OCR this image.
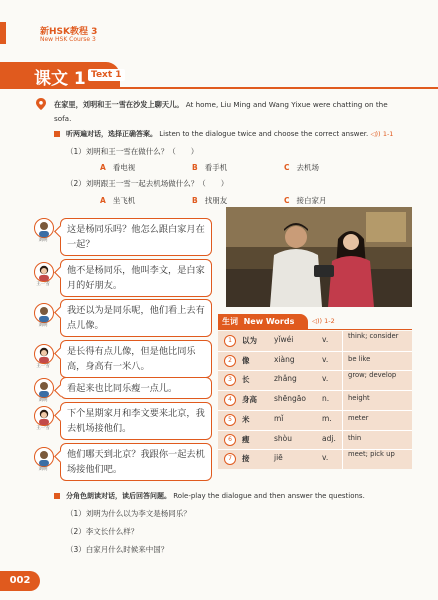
新HSK教程 3
New HSK Course 3
课文 1 Text 1
在家里，刘明和王一雪在沙发上聊天儿。 At home, Liu Ming and Wang Yixue were chatting on the sofa.
听两遍对话，选择正确答案。 Listen to the dialogue twice and choose the correct answer. ◁)) 1-1
（1）刘明和王一雪在做什么？（　　）
A 看电视	B 看手机	C 去机场
（2）刘明跟王一雪一起去机场做什么？（　　）
A 坐飞机	B 找朋友	C 接白家月
刘明
这是杨同乐吗？他怎么跟白家月在一起？
王一雪
他不是杨同乐，他叫李文，是白家月的好朋友。
刘明
我还以为是同乐呢，他们看上去有点儿像。
王一雪
是长得有点儿像，但是他比同乐高，身高有一米八。
刘明
看起来也比同乐瘦一点儿。
王一雪
下个星期家月和李文要来北京，我去机场接他们。
刘明
他们哪天到北京？我跟你一起去机场接他们吧。
生词 New Words	◁)) 1-2
1	以为 yǐwéi	v.	think; consider
2	像	xiàng	v.	be like
3	长	zhǎng	v.	grow; develop
4	身高 shēngāo n.	height
5	米	mǐ	m. meter
6	瘦	shòu	adj. thin
7	接	jiē	v.	meet; pick up
分角色朗读对话，读后回答问题。 Role-play the dialogue and then answer the questions.
（1）刘明为什么以为李文是杨同乐？
（2）李文长什么样？
（3）白家月什么时候来中国？
002
